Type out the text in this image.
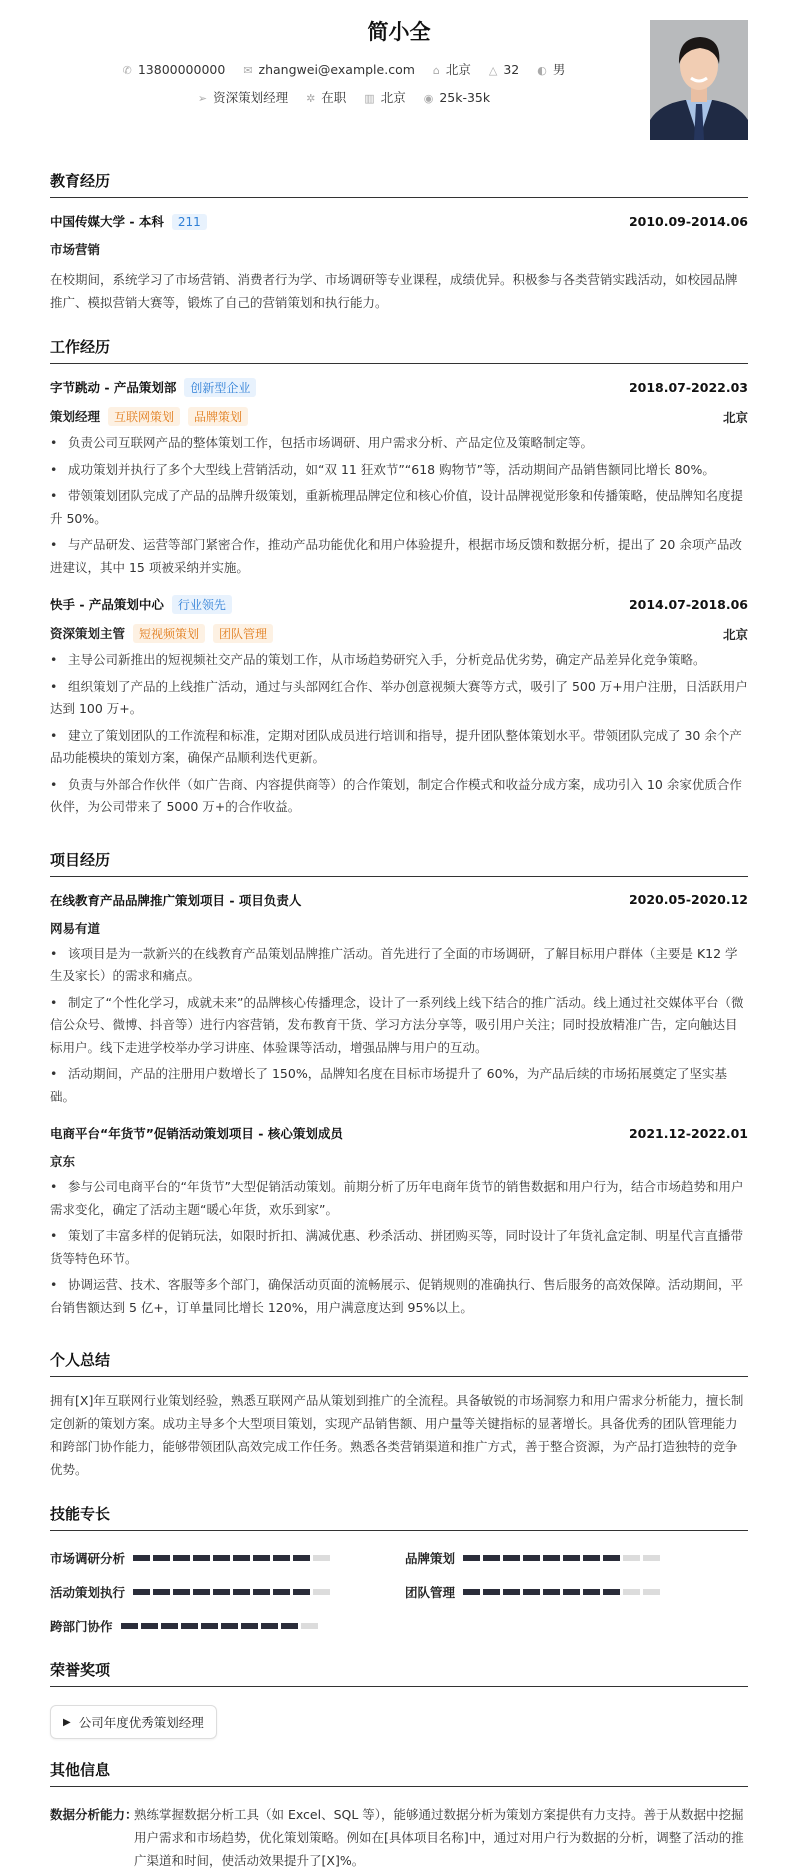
简小全
✆ 13800000000 ✉ zhangwei@example.com ⌂ 北京 △ 32 ◐ 男
➢ 资深策划经理 ✲ 在职 ▥ 北京 ◉ 25k-35k
教育经历
中国传媒大学 - 本科 211	2010.09-2014.06
市场营销
在校期间，系统学习了市场营销、消费者行为学、市场调研等专业课程，成绩优异。积极参与各类营销实践活动，如校园品牌推广、模拟营销大赛等，锻炼了自己的营销策划和执行能力。
工作经历
字节跳动 - 产品策划部 创新型企业	2018.07-2022.03
策划经理 互联网策划 品牌策划	北京
• 负责公司互联网产品的整体策划工作，包括市场调研、用户需求分析、产品定位及策略制定等。
• 成功策划并执行了多个大型线上营销活动，如“双 11 狂欢节”“618 购物节”等，活动期间产品销售额同比增长 80%。
• 带领策划团队完成了产品的品牌升级策划，重新梳理品牌定位和核心价值，设计品牌视觉形象和传播策略，使品牌知名度提升 50%。
• 与产品研发、运营等部门紧密合作，推动产品功能优化和用户体验提升，根据市场反馈和数据分析，提出了 20 余项产品改进建议，其中 15 项被采纳并实施。
快手 - 产品策划中心 行业领先	2014.07-2018.06
资深策划主管 短视频策划 团队管理	北京
• 主导公司新推出的短视频社交产品的策划工作，从市场趋势研究入手，分析竞品优劣势，确定产品差异化竞争策略。
• 组织策划了产品的上线推广活动，通过与头部网红合作、举办创意视频大赛等方式，吸引了 500 万+用户注册，日活跃用户达到 100 万+。
• 建立了策划团队的工作流程和标准，定期对团队成员进行培训和指导，提升团队整体策划水平。带领团队完成了 30 余个产品功能模块的策划方案，确保产品顺利迭代更新。
• 负责与外部合作伙伴（如广告商、内容提供商等）的合作策划，制定合作模式和收益分成方案，成功引入 10 余家优质合作伙伴，为公司带来了 5000 万+的合作收益。
项目经历
在线教育产品品牌推广策划项目 - 项目负责人	2020.05-2020.12
网易有道
• 该项目是为一款新兴的在线教育产品策划品牌推广活动。首先进行了全面的市场调研，了解目标用户群体（主要是 K12 学生及家长）的需求和痛点。
• 制定了“个性化学习，成就未来”的品牌核心传播理念，设计了一系列线上线下结合的推广活动。线上通过社交媒体平台（微信公众号、微博、抖音等）进行内容营销，发布教育干货、学习方法分享等，吸引用户关注；同时投放精准广告，定向触达目标用户。线下走进学校举办学习讲座、体验课等活动，增强品牌与用户的互动。
• 活动期间，产品的注册用户数增长了 150%，品牌知名度在目标市场提升了 60%，为产品后续的市场拓展奠定了坚实基础。
电商平台“年货节”促销活动策划项目 - 核心策划成员	2021.12-2022.01
京东
• 参与公司电商平台的“年货节”大型促销活动策划。前期分析了历年电商年货节的销售数据和用户行为，结合市场趋势和用户需求变化，确定了活动主题“暖心年货，欢乐到家”。
• 策划了丰富多样的促销玩法，如限时折扣、满减优惠、秒杀活动、拼团购买等，同时设计了年货礼盒定制、明星代言直播带货等特色环节。
• 协调运营、技术、客服等多个部门，确保活动页面的流畅展示、促销规则的准确执行、售后服务的高效保障。活动期间，平台销售额达到 5 亿+，订单量同比增长 120%，用户满意度达到 95%以上。
个人总结
拥有[X]年互联网行业策划经验，熟悉互联网产品从策划到推广的全流程。具备敏锐的市场洞察力和用户需求分析能力，擅长制定创新的策划方案。成功主导多个大型项目策划，实现产品销售额、用户量等关键指标的显著增长。具备优秀的团队管理能力和跨部门协作能力，能够带领团队高效完成工作任务。熟悉各类营销渠道和推广方式，善于整合资源，为产品打造独特的竞争优势。
技能专长
市场调研分析	品牌策划
活动策划执行	团队管理
跨部门协作
荣誉奖项
▶ 公司年度优秀策划经理
其他信息
数据分析能力：
熟练掌握数据分析工具（如 Excel、SQL 等），能够通过数据分析为策划方案提供有力支持。善于从数据中挖掘用户需求和市场趋势，优化策划策略。例如在[具体项目名称]中，通过对用户行为数据的分析，调整了活动的推广渠道和时间，使活动效果提升了[X]%。
